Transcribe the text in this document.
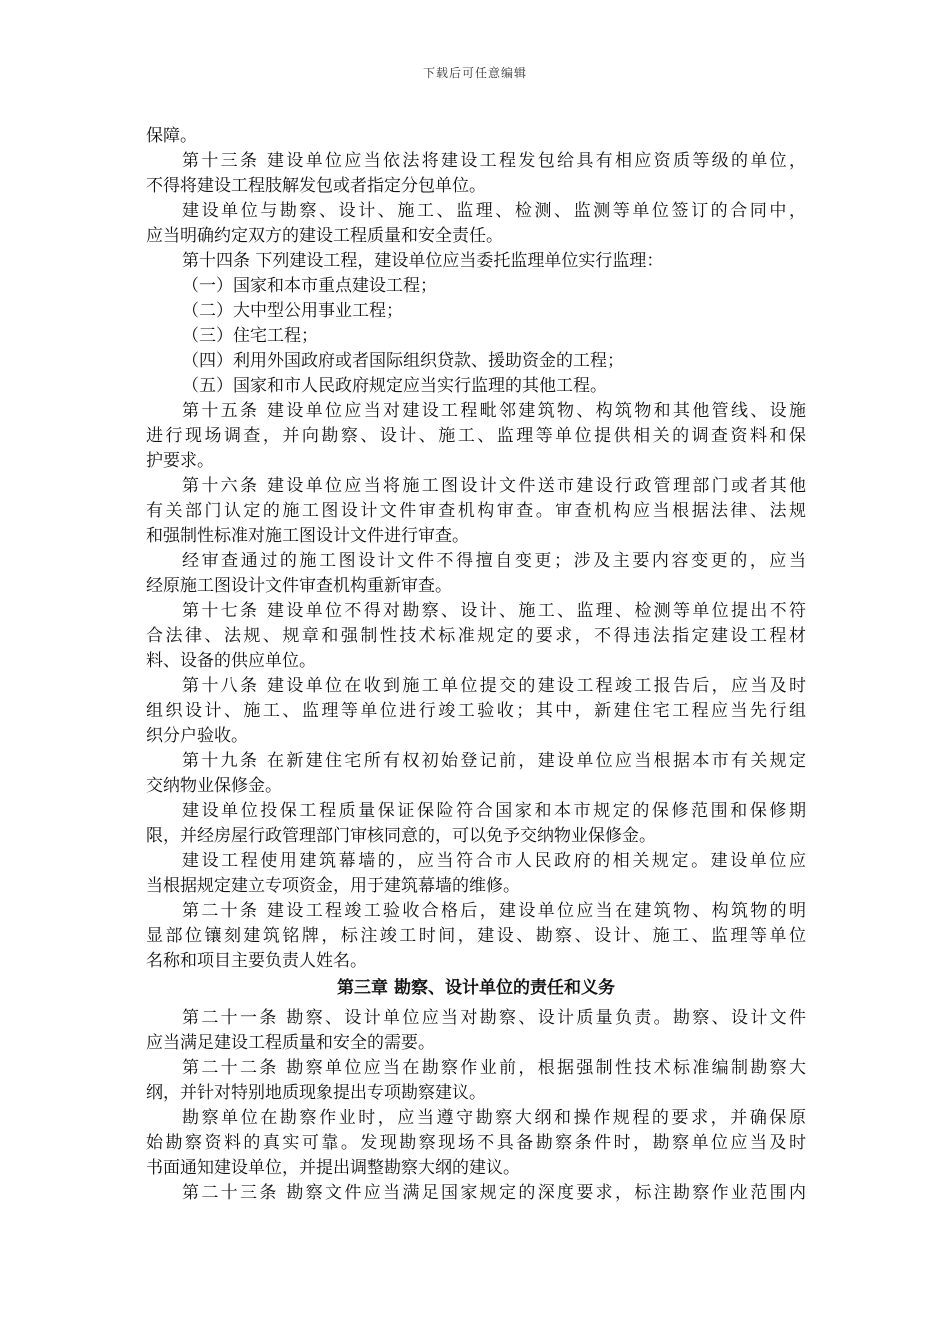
下载后可任意编辑
保障。
第十三条 建设单位应当依法将建设工程发包给具有相应资质等级的单位，
不得将建设工程肢解发包或者指定分包单位。
建设单位与勘察、设计、施工、监理、检测、监测等单位签订的合同中，
应当明确约定双方的建设工程质量和安全责任。
第十四条 下列建设工程，建设单位应当委托监理单位实行监理：
（一）国家和本市重点建设工程；
（二）大中型公用事业工程；
（三）住宅工程；
（四）利用外国政府或者国际组织贷款、援助资金的工程；
（五）国家和市人民政府规定应当实行监理的其他工程。
第十五条 建设单位应当对建设工程毗邻建筑物、构筑物和其他管线、设施
进行现场调查，并向勘察、设计、施工、监理等单位提供相关的调查资料和保
护要求。
第十六条 建设单位应当将施工图设计文件送市建设行政管理部门或者其他
有关部门认定的施工图设计文件审查机构审查。审查机构应当根据法律、法规
和强制性标准对施工图设计文件进行审查。
经审查通过的施工图设计文件不得擅自变更；涉及主要内容变更的，应当
经原施工图设计文件审查机构重新审查。
第十七条 建设单位不得对勘察、设计、施工、监理、检测等单位提出不符
合法律、法规、规章和强制性技术标准规定的要求，不得违法指定建设工程材
料、设备的供应单位。
第十八条 建设单位在收到施工单位提交的建设工程竣工报告后，应当及时
组织设计、施工、监理等单位进行竣工验收；其中，新建住宅工程应当先行组
织分户验收。
第十九条 在新建住宅所有权初始登记前，建设单位应当根据本市有关规定
交纳物业保修金。
建设单位投保工程质量保证保险符合国家和本市规定的保修范围和保修期
限，并经房屋行政管理部门审核同意的，可以免予交纳物业保修金。
建设工程使用建筑幕墙的，应当符合市人民政府的相关规定。建设单位应
当根据规定建立专项资金，用于建筑幕墙的维修。
第二十条 建设工程竣工验收合格后，建设单位应当在建筑物、构筑物的明
显部位镶刻建筑铭牌，标注竣工时间，建设、勘察、设计、施工、监理等单位
名称和项目主要负责人姓名。
第三章 勘察、设计单位的责任和义务
第二十一条 勘察、设计单位应当对勘察、设计质量负责。勘察、设计文件
应当满足建设工程质量和安全的需要。
第二十二条 勘察单位应当在勘察作业前，根据强制性技术标准编制勘察大
纲，并针对特别地质现象提出专项勘察建议。
勘察单位在勘察作业时，应当遵守勘察大纲和操作规程的要求，并确保原
始勘察资料的真实可靠。发现勘察现场不具备勘察条件时，勘察单位应当及时
书面通知建设单位，并提出调整勘察大纲的建议。
第二十三条 勘察文件应当满足国家规定的深度要求，标注勘察作业范围内
